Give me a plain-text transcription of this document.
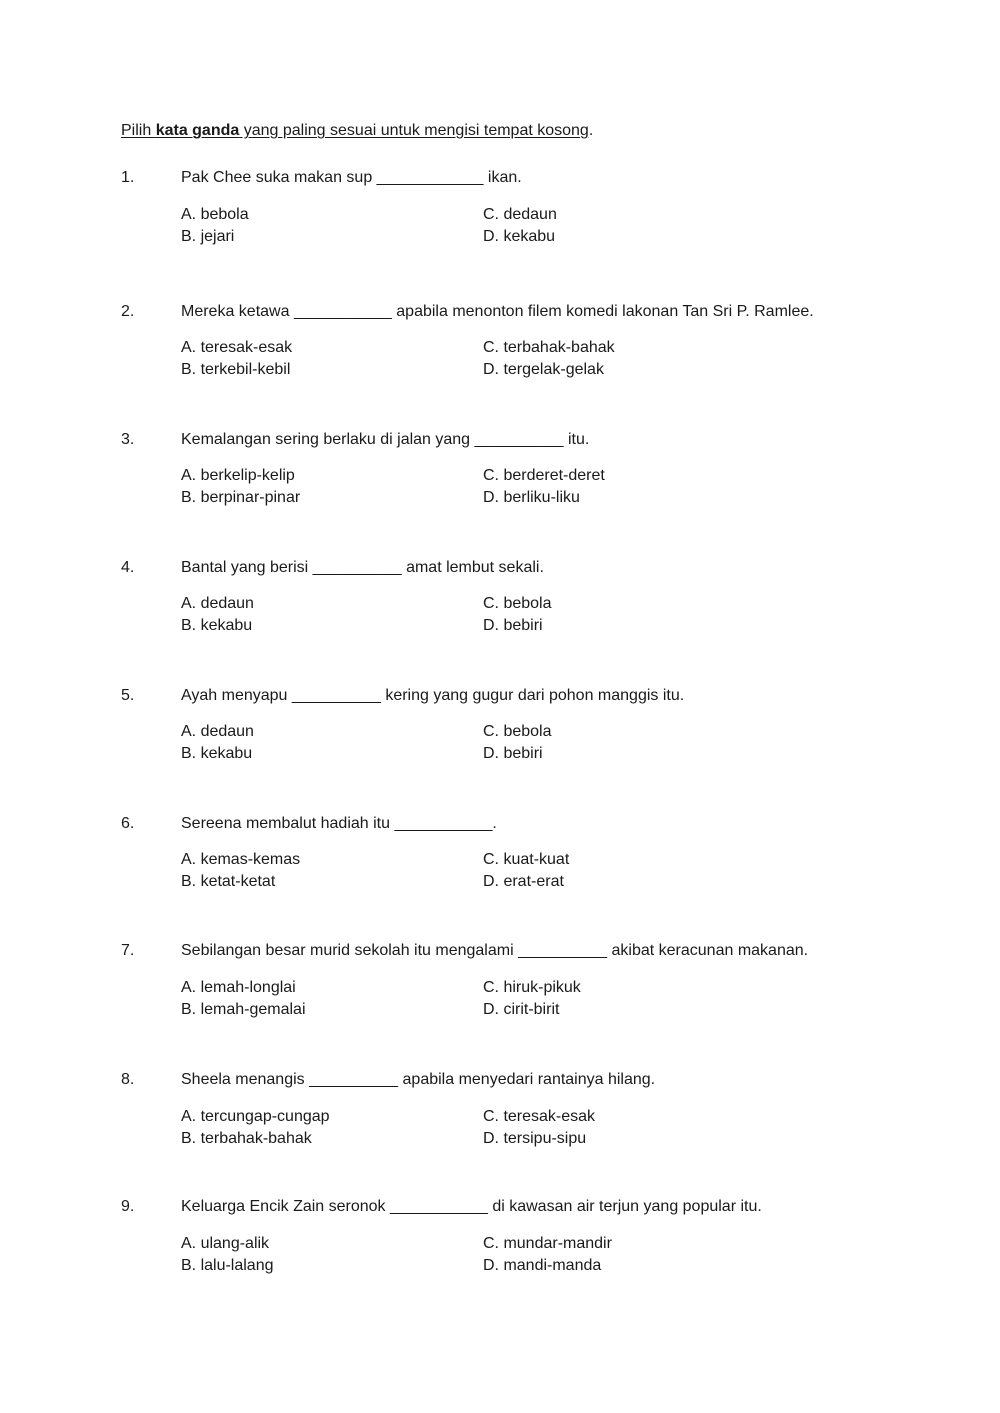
Pilih kata ganda yang paling sesuai untuk mengisi tempat kosong.
1.	Pak Chee suka makan sup ____________ ikan.
A. bebola
B. jejari
C. dedaun
D. kekabu
2.	Mereka ketawa ___________ apabila menonton filem komedi lakonan Tan Sri P. Ramlee.
A. teresak-esak
B. terkebil-kebil
C. terbahak-bahak
D. tergelak-gelak
3.	Kemalangan sering berlaku di jalan yang __________ itu.
A. berkelip-kelip
B. berpinar-pinar
C. berderet-deret
D. berliku-liku
4.	Bantal yang berisi __________ amat lembut sekali.
A. dedaun
B. kekabu
C. bebola
D. bebiri
5.	Ayah menyapu __________ kering yang gugur dari pohon manggis itu.
A. dedaun
B. kekabu
C. bebola
D. bebiri
6.	Sereena membalut hadiah itu ___________.
A. kemas-kemas
B. ketat-ketat
C. kuat-kuat
D. erat-erat
7.	Sebilangan besar murid sekolah itu mengalami __________ akibat keracunan makanan.
A. lemah-longlai
B. lemah-gemalai
C. hiruk-pikuk
D. cirit-birit
8.	Sheela menangis __________ apabila menyedari rantainya hilang.
A. tercungap-cungap
B. terbahak-bahak
C. teresak-esak
D. tersipu-sipu
9.	Keluarga Encik Zain seronok ___________ di kawasan air terjun yang popular itu.
A. ulang-alik
B. lalu-lalang
C. mundar-mandir
D. mandi-manda
